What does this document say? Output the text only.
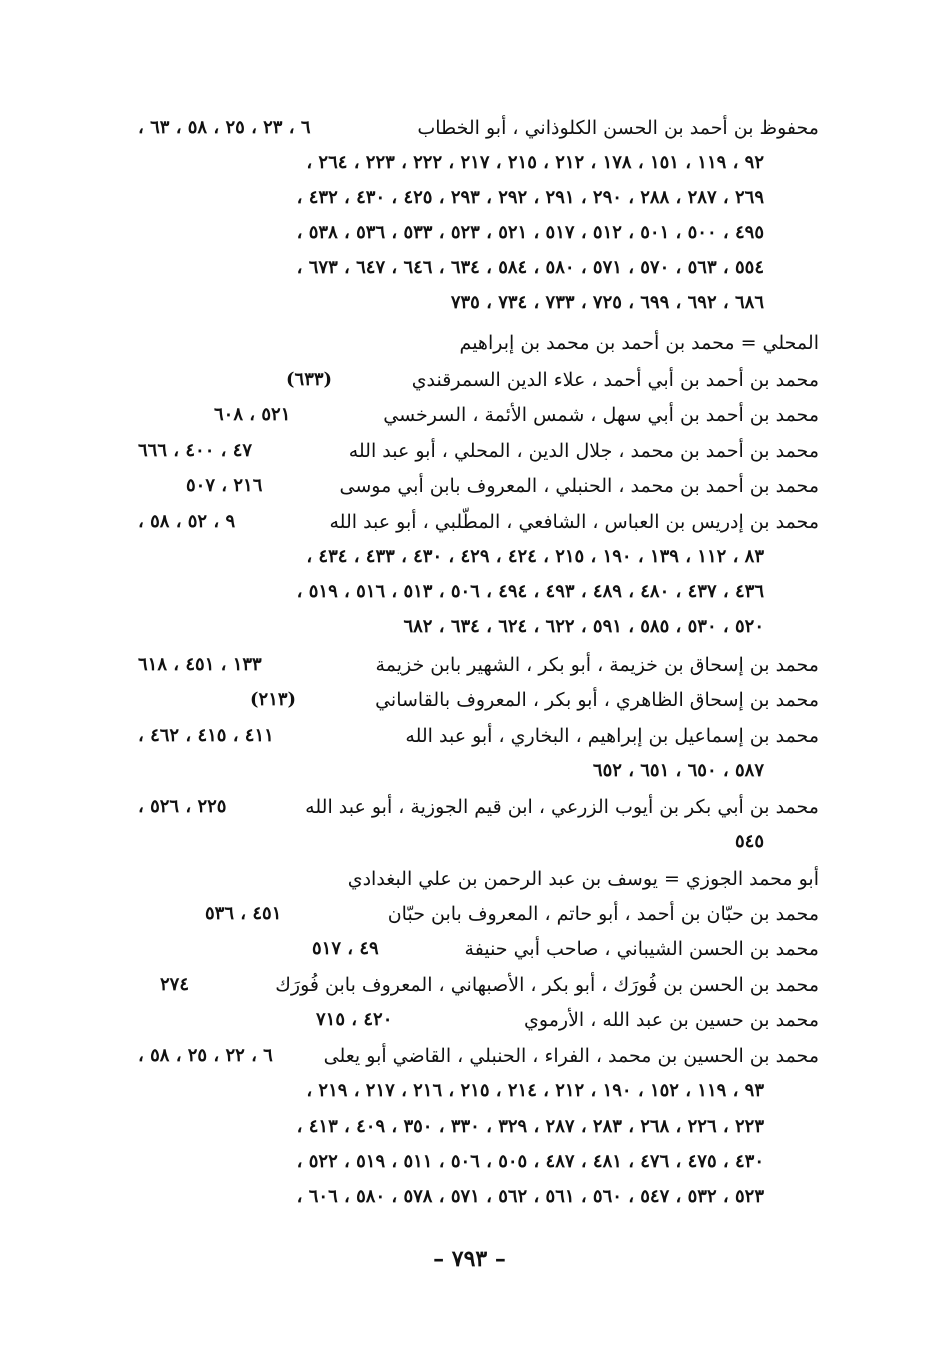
محفوظ بن أحمد بن الحسن الكلوذاني ، أبو الخطاب
٦ ، ٢٣ ، ٢٥ ، ٥٨ ، ٦٣ ،
٩٢ ، ١١٩ ، ١٥١ ، ١٧٨ ، ٢١٢ ، ٢١٥ ، ٢١٧ ، ٢٢٢ ، ٢٢٣ ، ٢٦٤ ،
٢٦٩ ، ٢٨٧ ، ٢٨٨ ، ٢٩٠ ، ٢٩١ ، ٢٩٢ ، ٢٩٣ ، ٤٢٥ ، ٤٣٠ ، ٤٣٢ ،
٤٩٥ ، ٥٠٠ ، ٥٠١ ، ٥١٢ ، ٥١٧ ، ٥٢١ ، ٥٢٣ ، ٥٣٣ ، ٥٣٦ ، ٥٣٨ ،
٥٥٤ ، ٥٦٣ ، ٥٧٠ ، ٥٧١ ، ٥٨٠ ، ٥٨٤ ، ٦٣٤ ، ٦٤٦ ، ٦٤٧ ، ٦٧٣ ،
٦٨٦ ، ٦٩٢ ، ٦٩٩ ، ٧٢٥ ، ٧٣٣ ، ٧٣٤ ، ٧٣٥
المحلي = محمد بن أحمد بن محمد بن إبراهيم
محمد بن أحمد بن أبي أحمد ، علاء الدين السمرقندي
(٦٣٣)
محمد بن أحمد بن أبي سهل ، شمس الأئمة ، السرخسي
٥٢١ ، ٦٠٨
محمد بن أحمد بن محمد ، جلال الدين ، المحلي ، أبو عبد الله
٤٧ ، ٤٠٠ ، ٦٦٦
محمد بن أحمد بن محمد ، الحنبلي ، المعروف بابن أبي موسى
٢١٦ ، ٥٠٧
محمد بن إدريس بن العباس ، الشافعي ، المطّلبي ، أبو عبد الله
٩ ، ٥٢ ، ٥٨ ،
٨٣ ، ١١٢ ، ١٣٩ ، ١٩٠ ، ٢١٥ ، ٤٢٤ ، ٤٢٩ ، ٤٣٠ ، ٤٣٣ ، ٤٣٤ ،
٤٣٦ ، ٤٣٧ ، ٤٨٠ ، ٤٨٩ ، ٤٩٣ ، ٤٩٤ ، ٥٠٦ ، ٥١٣ ، ٥١٦ ، ٥١٩ ،
٥٢٠ ، ٥٣٠ ، ٥٨٥ ، ٥٩١ ، ٦٢٢ ، ٦٢٤ ، ٦٣٤ ، ٦٨٢
محمد بن إسحاق بن خزيمة ، أبو بكر ، الشهير بابن خزيمة
١٣٣ ، ٤٥١ ، ٦١٨
محمد بن إسحاق الظاهري ، أبو بكر ، المعروف بالقاساني
(٢١٣)
محمد بن إسماعيل بن إبراهيم ، البخاري ، أبو عبد الله
٤١١ ، ٤١٥ ، ٤٦٢ ،
٥٨٧ ، ٦٥٠ ، ٦٥١ ، ٦٥٢
محمد بن أبي بكر بن أيوب الزرعي ، ابن قيم الجوزية ، أبو عبد الله
٢٢٥ ، ٥٢٦ ،
٥٤٥
أبو محمد الجوزي = يوسف بن عبد الرحمن بن علي البغدادي
محمد بن حبّان بن أحمد ، أبو حاتم ، المعروف بابن حبّان
٤٥١ ، ٥٣٦
محمد بن الحسن الشيباني ، صاحب أبي حنيفة
٤٩ ، ٥١٧
محمد بن الحسن بن فُورَك ، أبو بكر ، الأصبهاني ، المعروف بابن فُورَك
٢٧٤
محمد بن حسين بن عبد الله ، الأرموي
٤٢٠ ، ٧١٥
محمد بن الحسين بن محمد ، الفراء ، الحنبلي ، القاضي أبو يعلى
٦ ، ٢٢ ، ٢٥ ، ٥٨ ،
٩٣ ، ١١٩ ، ١٥٢ ، ١٩٠ ، ٢١٢ ، ٢١٤ ، ٢١٥ ، ٢١٦ ، ٢١٧ ، ٢١٩ ،
٢٢٣ ، ٢٢٦ ، ٢٦٨ ، ٢٨٣ ، ٢٨٧ ، ٣٢٩ ، ٣٣٠ ، ٣٥٠ ، ٤٠٩ ، ٤١٣ ،
٤٣٠ ، ٤٧٥ ، ٤٧٦ ، ٤٨١ ، ٤٨٧ ، ٥٠٥ ، ٥٠٦ ، ٥١١ ، ٥١٩ ، ٥٢٢ ،
٥٢٣ ، ٥٣٢ ، ٥٤٧ ، ٥٦٠ ، ٥٦١ ، ٥٦٢ ، ٥٧١ ، ٥٧٨ ، ٥٨٠ ، ٦٠٦ ،
– ٧٩٣ –
